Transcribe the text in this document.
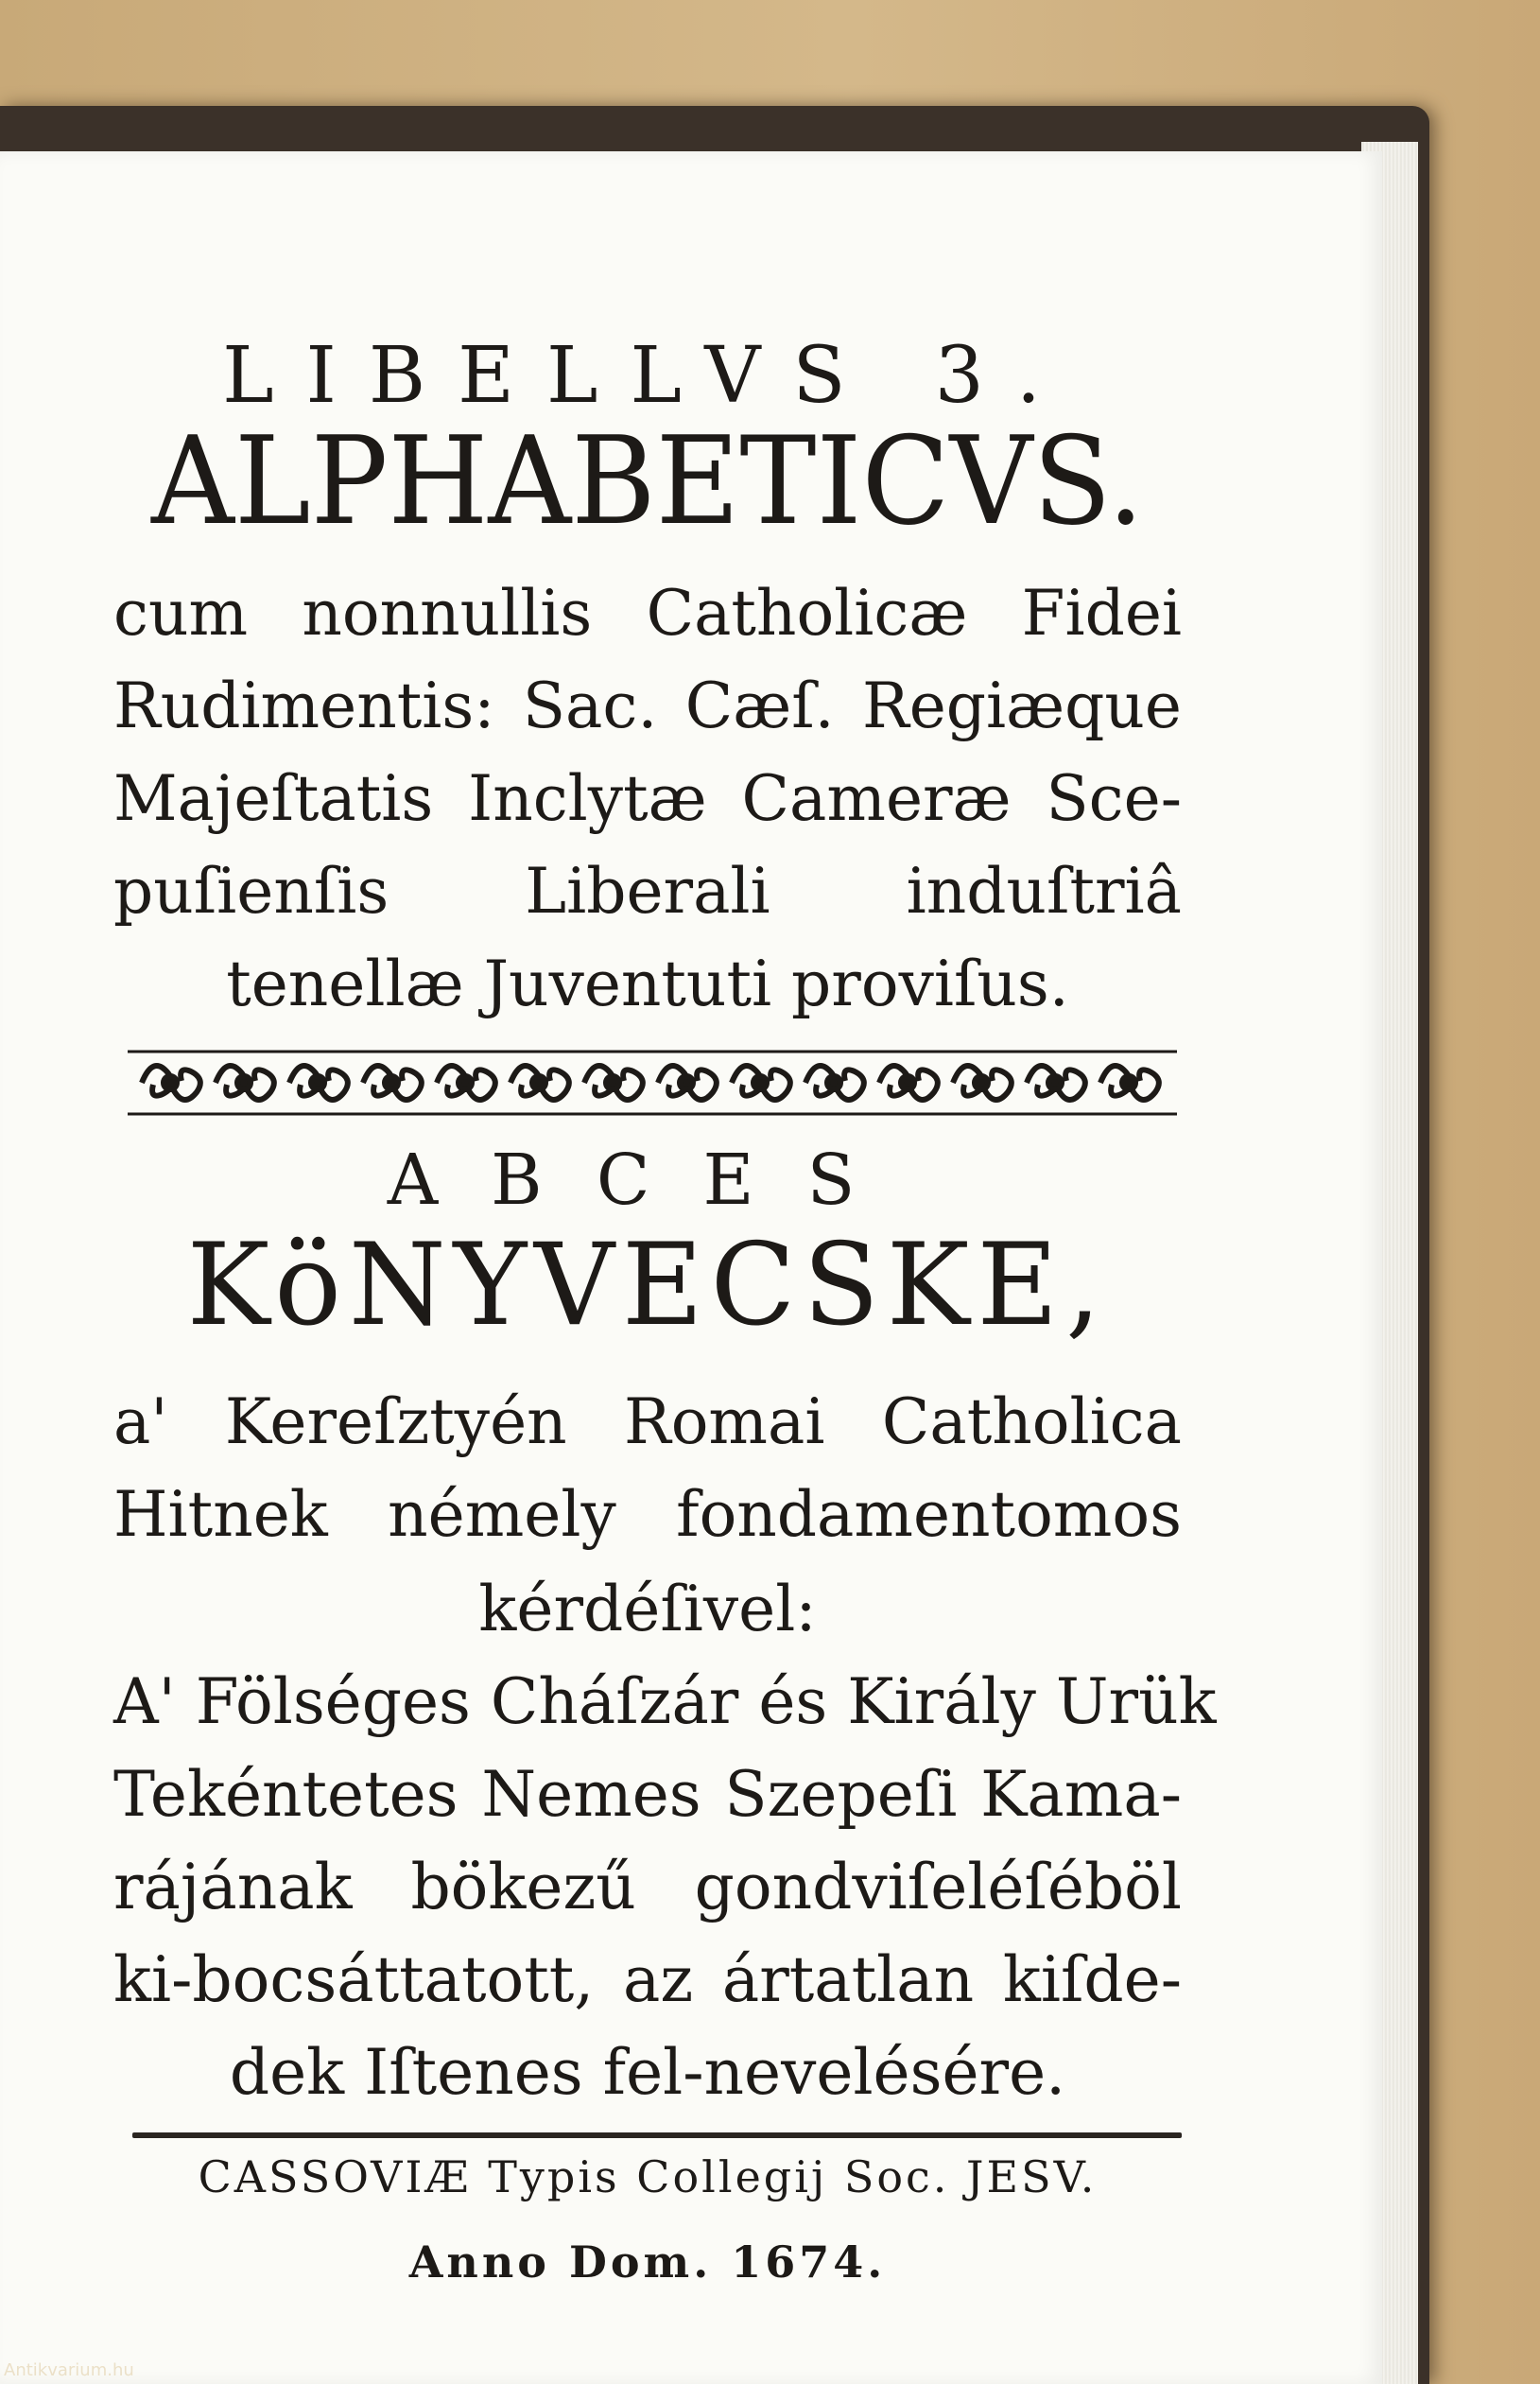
LIBELLVS 3.
ALPHABETICVS.
cum nonnullis Catholicæ Fidei
Rudimentis: Sac. Cæſ. Regiæque
Majeſtatis Inclytæ Cameræ Sce-
puſienſis Liberali induſtriâ
tenellæ Juventuti proviſus.
ABCES
KöNYVECSKE,
a' Kereſztyén Romai Catholica
Hitnek némely fondamentomos
kérdéſivel:
A' Fölséges Cháſzár és Király Urük
Tekéntetes Nemes Szepeſi Kama-
rájának bökezű gondviſeléſéböl
ki-bocsáttatott, az ártatlan kiſde-
dek Iſtenes fel-nevelésére.
CASSOVIÆ Typis Collegij Soc. JESV.
Anno Dom. 1674.
Antikvarium.hu
